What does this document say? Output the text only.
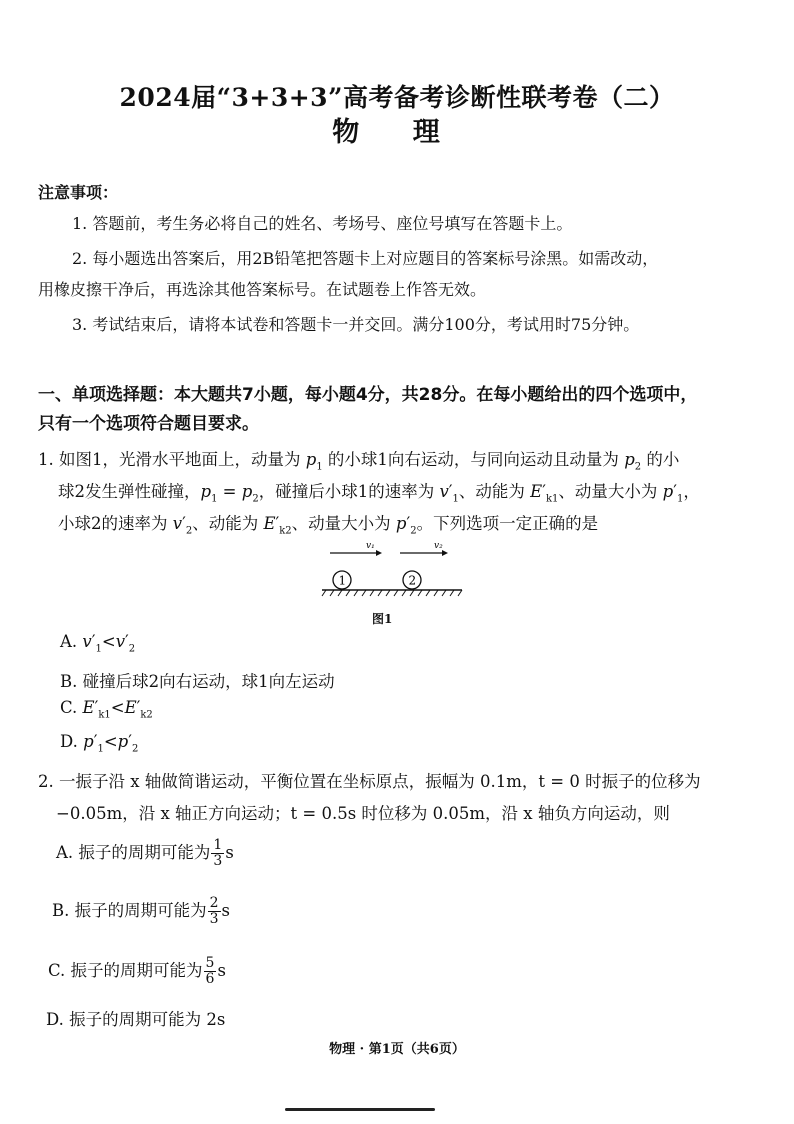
2024届“3+3+3”高考备考诊断性联考卷（二）
物 理
注意事项：
1. 答题前，考生务必将自己的姓名、考场号、座位号填写在答题卡上。
2. 每小题选出答案后，用2B铅笔把答题卡上对应题目的答案标号涂黑。如需改动，
用橡皮擦干净后，再选涂其他答案标号。在试题卷上作答无效。
3. 考试结束后，请将本试卷和答题卡一并交回。满分100分，考试用时75分钟。
一、单项选择题：本大题共7小题，每小题4分，共28分。在每小题给出的四个选项中，
只有一个选项符合题目要求。
1. 如图1，光滑水平地面上，动量为 $p_1$ 的小球1向右运动，与同向运动且动量为 $p_2$ 的小
球2发生弹性碰撞，$p_1 = p_2$，碰撞后小球1的速率为 $v'_1$、动能为 $E'_{k1}$、动量大小为 $p'_1$，
小球2的速率为 $v'_2$、动能为 $E'_{k2}$、动量大小为 $p'_2$。下列选项一定正确的是
v₁	v₂
1	2
图1
A. $v'_1<v'_2$
B. 碰撞后球2向右运动，球1向左运动
C. $E'_{k1}<E'_{k2}$
D. $p'_1<p'_2$
2. 一振子沿 x 轴做简谐运动，平衡位置在坐标原点，振幅为 0.1m，t = 0 时振子的位移为
−0.05m，沿 x 轴正方向运动；t = 0.5s 时位移为 0.05m，沿 x 轴负方向运动，则
A. 振子的周期可能为 $\frac{1}{3}$ s
B. 振子的周期可能为 $\frac{2}{3}$ s
C. 振子的周期可能为 $\frac{5}{6}$ s
D. 振子的周期可能为 2s
物理 · 第1页（共6页）
